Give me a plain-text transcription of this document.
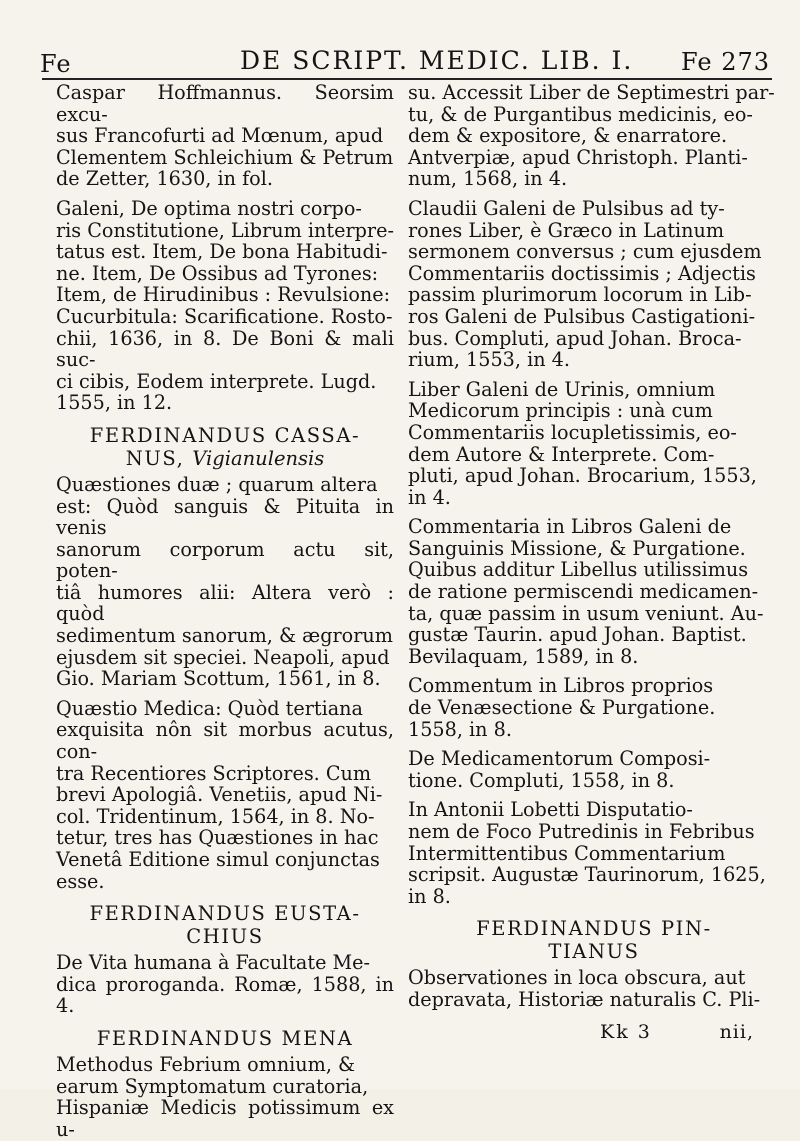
Fe	DE SCRIPT. MEDIC. LIB. I. Fe 273

Caspar Hoffmannus. Seorsim excu-
sus Francofurti ad Mœnum, apud
Clementem Schleichium & Petrum
de Zetter, 1630, in fol.

Galeni, De optima nostri corpo-
ris Constitutione, Librum interpre-
tatus est. Item, De bona Habitudi-
ne. Item, De Ossibus ad Tyrones:
Item, de Hirudinibus : Revulsione:
Cucurbitula: Scarificatione. Rosto-
chii, 1636, in 8. De Boni & mali suc-
ci cibis, Eodem interprete. Lugd.
1555, in 12.

FERDINANDUS CASSA-
NUS, Vigianulensis

Quæstiones duæ ; quarum altera
est: Quòd sanguis & Pituita in venis
sanorum corporum actu sit, poten-
tiâ humores alii: Altera verò : quòd
sedimentum sanorum, & ægrorum
ejusdem sit speciei. Neapoli, apud
Gio. Mariam Scottum, 1561, in 8.

Quæstio Medica: Quòd tertiana
exquisita nôn sit morbus acutus, con-
tra Recentiores Scriptores. Cum
brevi Apologiâ. Venetiis, apud Ni-
col. Tridentinum, 1564, in 8. No-
tetur, tres has Quæstiones in hac
Venetâ Editione simul conjunctas
esse.

FERDINANDUS EUSTA-
CHIUS

De Vita humana à Facultate Me-
dica proroganda. Romæ, 1588, in 4.

FERDINANDUS MENA

Methodus Febrium omnium, &
earum Symptomatum curatoria,
Hispaniæ Medicis potissimum ex u-

su. Accessit Liber de Septimestri par-
tu, & de Purgantibus medicinis, eo-
dem & expositore, & enarratore.
Antverpiæ, apud Christoph. Planti-
num, 1568, in 4.

Claudii Galeni de Pulsibus ad ty-
rones Liber, è Græco in Latinum
sermonem conversus ; cum ejusdem
Commentariis doctissimis ; Adjectis
passim plurimorum locorum in Lib-
ros Galeni de Pulsibus Castigationi-
bus. Compluti, apud Johan. Broca-
rium, 1553, in 4.

Liber Galeni de Urinis, omnium
Medicorum principis : unà cum
Commentariis locupletissimis, eo-
dem Autore & Interprete. Com-
pluti, apud Johan. Brocarium, 1553,
in 4.

Commentaria in Libros Galeni de
Sanguinis Missione, & Purgatione.
Quibus additur Libellus utilissimus
de ratione permiscendi medicamen-
ta, quæ passim in usum veniunt. Au-
gustæ Taurin. apud Johan. Baptist.
Bevilaquam, 1589, in 8.

Commentum in Libros proprios
de Venæsectione & Purgatione.
1558, in 8.

De Medicamentorum Composi-
tione. Compluti, 1558, in 8.

In Antonii Lobetti Disputatio-
nem de Foco Putredinis in Febribus
Intermittentibus Commentarium
scripsit. Augustæ Taurinorum, 1625,
in 8.

FERDINANDUS PIN-
TIANUS

Observationes in loca obscura, aut
depravata, Historiæ naturalis C. Pli-

Kk 3	nii,
